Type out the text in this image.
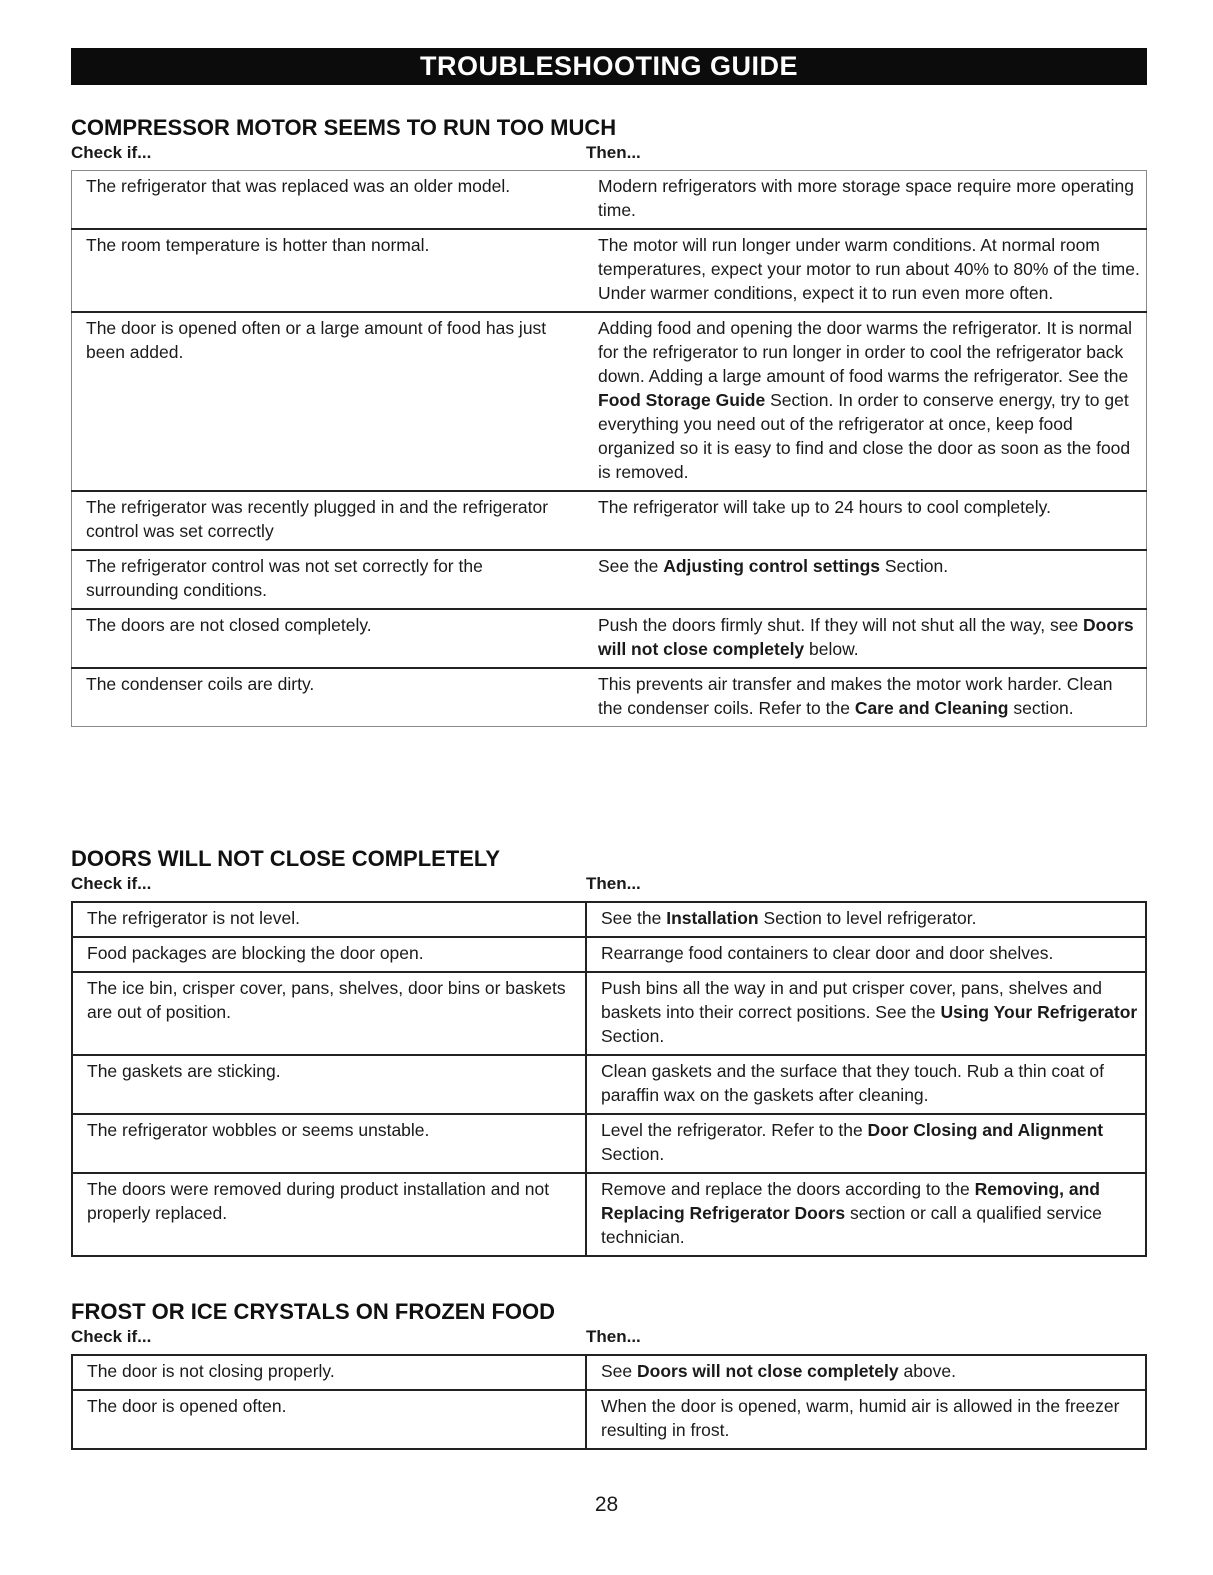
TROUBLESHOOTING GUIDE
COMPRESSOR MOTOR SEEMS TO RUN TOO MUCH
Check if...	Then...
The refrigerator that was replaced was an older model.	Modern refrigerators with more storage space require more operating time.
The room temperature is hotter than normal.	The motor will run longer under warm conditions. At normal room temperatures, expect your motor to run about 40% to 80% of the time. Under warmer conditions, expect it to run even more often.
The door is opened often or a large amount of food has just been added.	Adding food and opening the door warms the refrigerator. It is normal for the refrigerator to run longer in order to cool the refrigerator back down. Adding a large amount of food warms the refrigerator. See the Food Storage Guide Section. In order to conserve energy, try to get everything you need out of the refrigerator at once, keep food organized so it is easy to find and close the door as soon as the food is removed.
The refrigerator was recently plugged in and the refrigerator control was set correctly	The refrigerator will take up to 24 hours to cool completely.
The refrigerator control was not set correctly for the surrounding conditions.	See the Adjusting control settings Section.
The doors are not closed completely.	Push the doors firmly shut. If they will not shut all the way, see Doors will not close completely below.
The condenser coils are dirty.	This prevents air transfer and makes the motor work harder. Clean the condenser coils. Refer to the Care and Cleaning section.
DOORS WILL NOT CLOSE COMPLETELY
Check if...	Then...
The refrigerator is not level.	See the Installation Section to level refrigerator.
Food packages are blocking the door open.	Rearrange food containers to clear door and door shelves.
The ice bin, crisper cover, pans, shelves, door bins or baskets are out of position.	Push bins all the way in and put crisper cover, pans, shelves and baskets into their correct positions. See the Using Your Refrigerator Section.
The gaskets are sticking.	Clean gaskets and the surface that they touch. Rub a thin coat of paraffin wax on the gaskets after cleaning.
The refrigerator wobbles or seems unstable.	Level the refrigerator. Refer to the Door Closing and Alignment Section.
The doors were removed during product installation and not properly replaced.	Remove and replace the doors according to the Removing, and Replacing Refrigerator Doors section or call a qualified service technician.
FROST OR ICE CRYSTALS ON FROZEN FOOD
Check if...	Then...
The door is not closing properly.	See Doors will not close completely above.
The door is opened often.	When the door is opened, warm, humid air is allowed in the freezer resulting in frost.
28
